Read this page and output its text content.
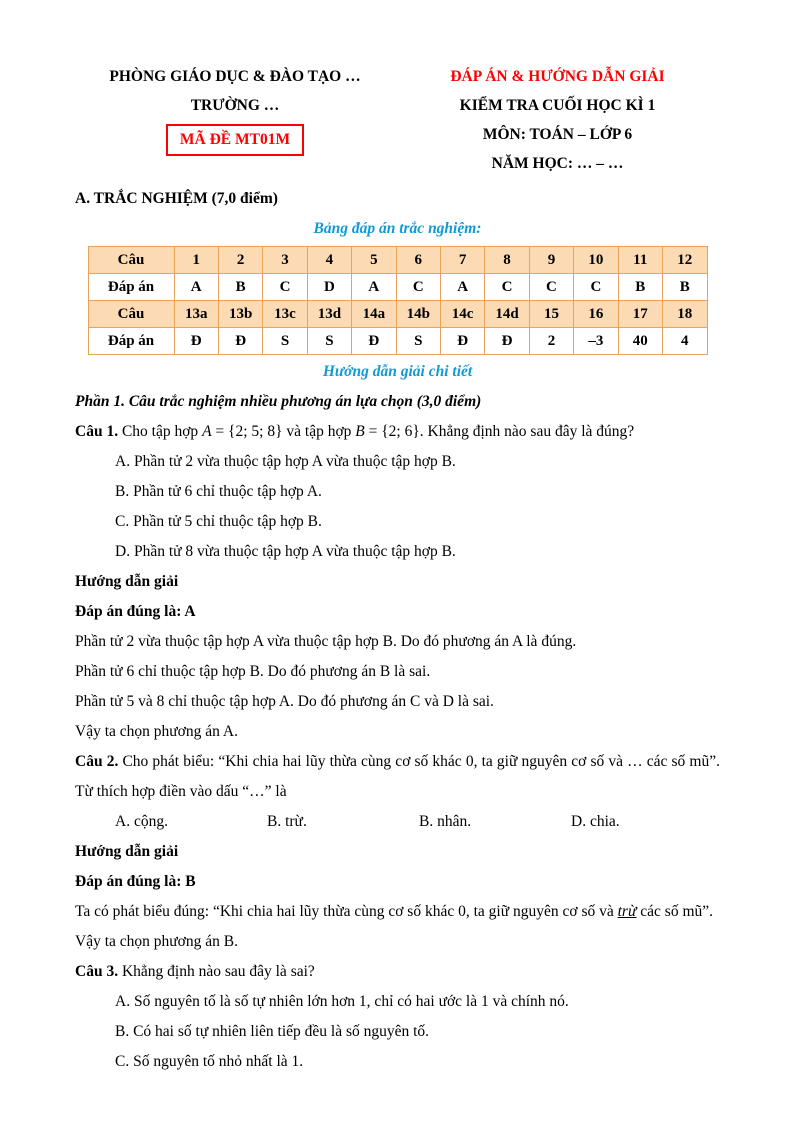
PHÒNG GIÁO DỤC & ĐÀO TẠO …
TRƯỜNG …
MÃ ĐỀ MT01M
ĐÁP ÁN & HƯỚNG DẪN GIẢI
KIỂM TRA CUỐI HỌC KÌ 1
MÔN: TOÁN – LỚP 6
NĂM HỌC: … – …
A. TRẮC NGHIỆM (7,0 điểm)
Bảng đáp án trắc nghiệm:
Câu	1	2	3	4	5	6	7	8	9	10	11	12
Đáp án	A	B	C	D	A	C	A	C	C	C	B	B
Câu	13a	13b	13c	13d	14a	14b	14c	14d	15	16	17	18
Đáp án	Đ	Đ	S	S	Đ	S	Đ	Đ	2	–3	40	4
Hướng dẫn giải chi tiết
Phần 1. Câu trắc nghiệm nhiều phương án lựa chọn (3,0 điểm)

Câu 1. Cho tập hợp A = {2; 5; 8} và tập hợp B = {2; 6}. Khẳng định nào sau đây là đúng?

A. Phần tử 2 vừa thuộc tập hợp A vừa thuộc tập hợp B.

B. Phần tử 6 chỉ thuộc tập hợp A.

C. Phần tử 5 chỉ thuộc tập hợp B.

D. Phần tử 8 vừa thuộc tập hợp A vừa thuộc tập hợp B.

Hướng dẫn giải

Đáp án đúng là: A

Phần tử 2 vừa thuộc tập hợp A vừa thuộc tập hợp B. Do đó phương án A là đúng.

Phần tử 6 chỉ thuộc tập hợp B. Do đó phương án B là sai.

Phần tử 5 và 8 chỉ thuộc tập hợp A. Do đó phương án C và D là sai.

Vậy ta chọn phương án A.

Câu 2. Cho phát biểu: “Khi chia hai lũy thừa cùng cơ số khác 0, ta giữ nguyên cơ số và … các số mũ”. Từ thích hợp điền vào dấu “…” là

A. cộng.	B. trừ.	B. nhân.	D. chia.

Hướng dẫn giải

Đáp án đúng là: B

Ta có phát biểu đúng: “Khi chia hai lũy thừa cùng cơ số khác 0, ta giữ nguyên cơ số và trừ các số mũ”.

Vậy ta chọn phương án B.

Câu 3. Khẳng định nào sau đây là sai?

A. Số nguyên tố là số tự nhiên lớn hơn 1, chỉ có hai ước là 1 và chính nó.

B. Có hai số tự nhiên liên tiếp đều là số nguyên tố.

C. Số nguyên tố nhỏ nhất là 1.
